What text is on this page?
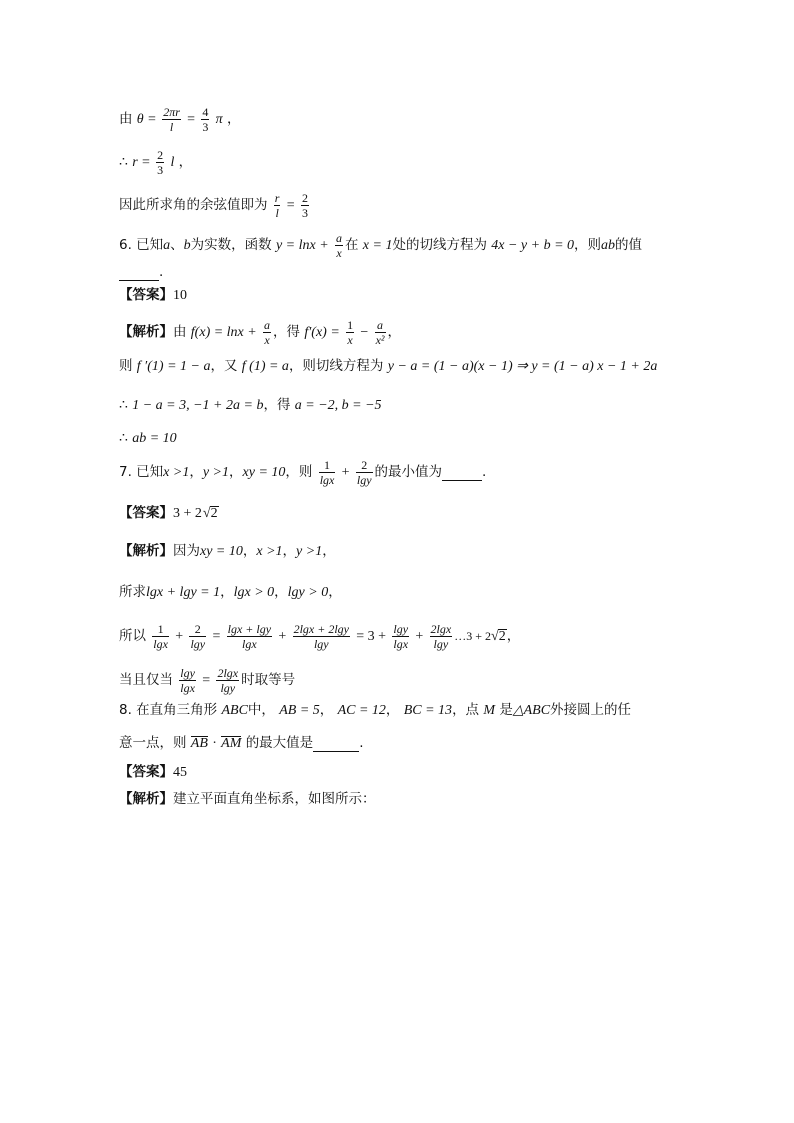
由 $\theta = \frac{2\pi r}{l} = \frac{4}{3}$ π ，
∴ $r = \frac{2}{3}$ l ，
因此所求角的余弦值即为 $\frac{r}{l} = \frac{2}{3}$
6. 已知a、b为实数，函数 $y = \ln x + \frac{a}{x}$ 在 x = 1处的切线方程为 4x − y + b = 0，则ab的值
.
【答案】10
【解析】由 $f(x) = \ln x + \frac{a}{x}$ ，得 $f'(x) = \frac{1}{x} - \frac{a}{\text{x²}}$ ，
则 f ′(1) = 1 − a，又 f (1) = a，则切线方程为 y − a = (1 − a)(x − 1) ⇒ y = (1 − a) x − 1 + 2a
∴ 1 − a = 3, −1 + 2a = b，得 a = −2, b = −5
∴ ab = 10
7. 已知x >1，y >1，xy = 10，则 $\frac{1}{\lg x} + \frac{2}{\lg y}$ 的最小值为	.
【答案】3 + 2√2
【解析】因为xy = 10，x >1，y >1，
所求lgx + lgy = 1，lgx > 0，lgy > 0，
所以 $\frac{1}{\lg x} + \frac{2}{\lg y} = \frac{\lg x + \lg y}{\lg x} + \frac{2\lg x + 2\lg y}{\lg y} = 3 + \frac{\lg y}{\lg x} + \frac{2\lg x}{\lg y}$ …3 + 2√2，
当且仅当 $\frac{\lg y}{\lg x} = \frac{2\lg x}{\lg y}$ 时取等号
8. 在直角三角形 ABC中， AB = 5， AC = 12， BC = 13，点 M 是△ABC外接圆上的任
意一点，则 AB · AM 的最大值是	.
【答案】45
【解析】建立平面直角坐标系，如图所示：
